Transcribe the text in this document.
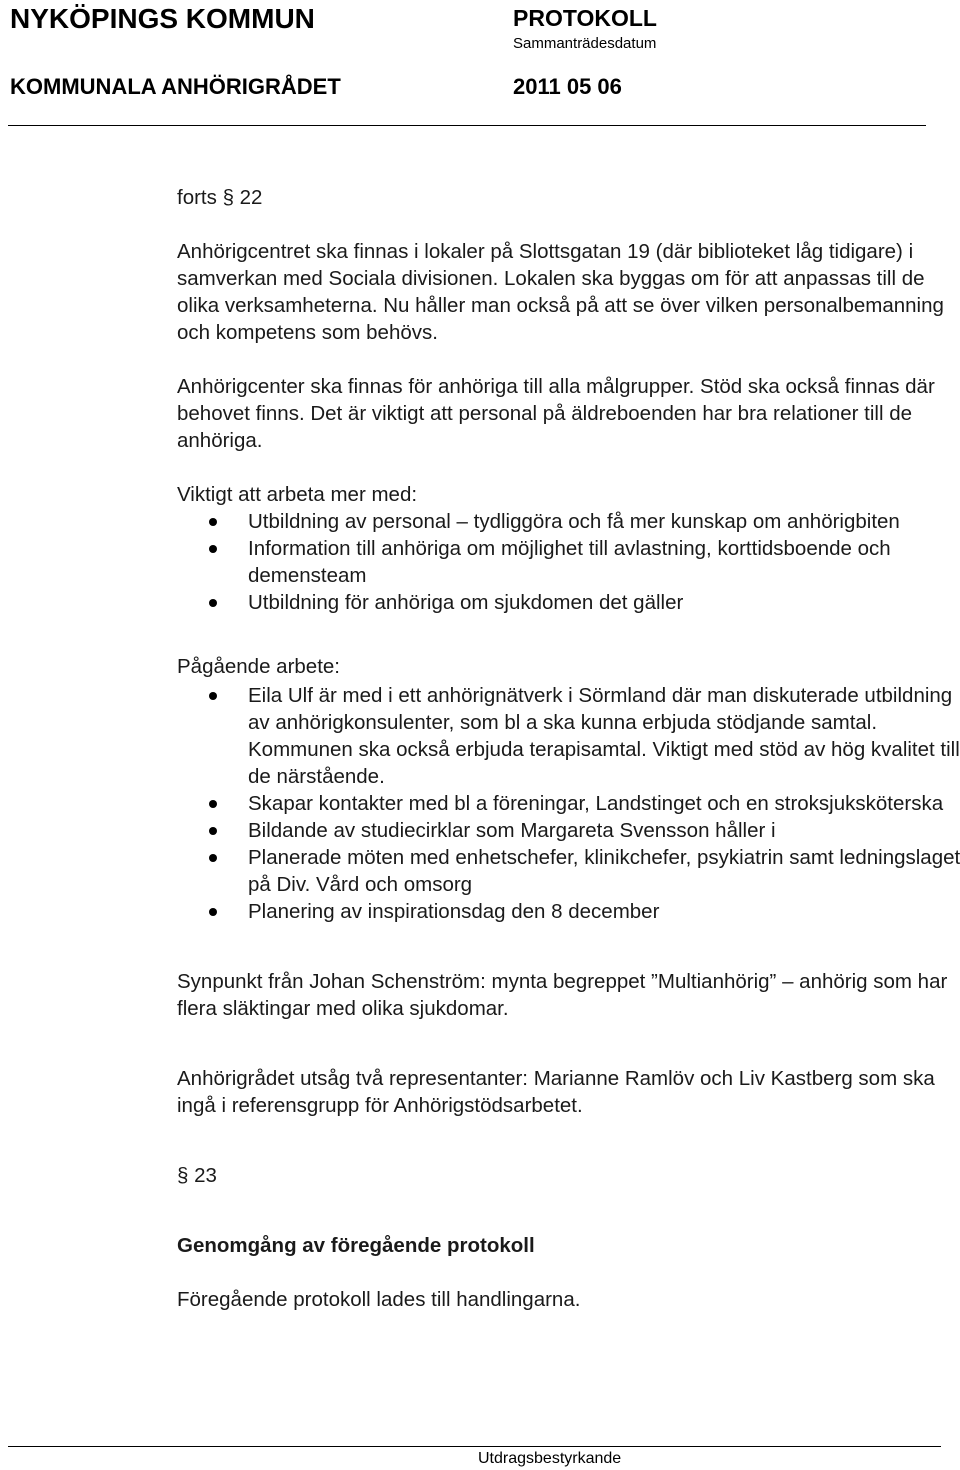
NYKÖPINGS KOMMUN	PROTOKOLL
Sammanträdesdatum
KOMMUNALA ANHÖRIGRÅDET	2011 05 06

forts § 22

Anhörigcentret ska finnas i lokaler på Slottsgatan 19 (där biblioteket låg tidigare) i samverkan med Sociala divisionen. Lokalen ska byggas om för att anpassas till de olika verksamheterna. Nu håller man också på att se över vilken personalbemanning och kompetens som behövs.

Anhörigcenter ska finnas för anhöriga till alla målgrupper. Stöd ska också finnas där behovet finns. Det är viktigt att personal på äldreboenden har bra relationer till de anhöriga.

Viktigt att arbeta mer med:

Utbildning av personal – tydliggöra och få mer kunskap om anhörigbiten
Information till anhöriga om möjlighet till avlastning, korttidsboende och demensteam
Utbildning för anhöriga om sjukdomen det gäller

Pågående arbete:

Eila Ulf är med i ett anhörignätverk i Sörmland där man diskuterade utbildning av anhörigkonsulenter, som bl a ska kunna erbjuda stödjande samtal. Kommunen ska också erbjuda terapisamtal. Viktigt med stöd av hög kvalitet till de närstående.
Skapar kontakter med bl a föreningar, Landstinget och en stroksjuksköterska
Bildande av studiecirklar som Margareta Svensson håller i
Planerade möten med enhetschefer, klinikchefer, psykiatrin samt ledningslaget på Div. Vård och omsorg
Planering av inspirationsdag den 8 december

Synpunkt från Johan Schenström: mynta begreppet ”Multianhörig” – anhörig som har flera släktingar med olika sjukdomar.

Anhörigrådet utsåg två representanter: Marianne Ramlöv och Liv Kastberg som ska ingå i referensgrupp för Anhörigstödsarbetet.

§ 23

Genomgång av föregående protokoll

Föregående protokoll lades till handlingarna.

Utdragsbestyrkande
